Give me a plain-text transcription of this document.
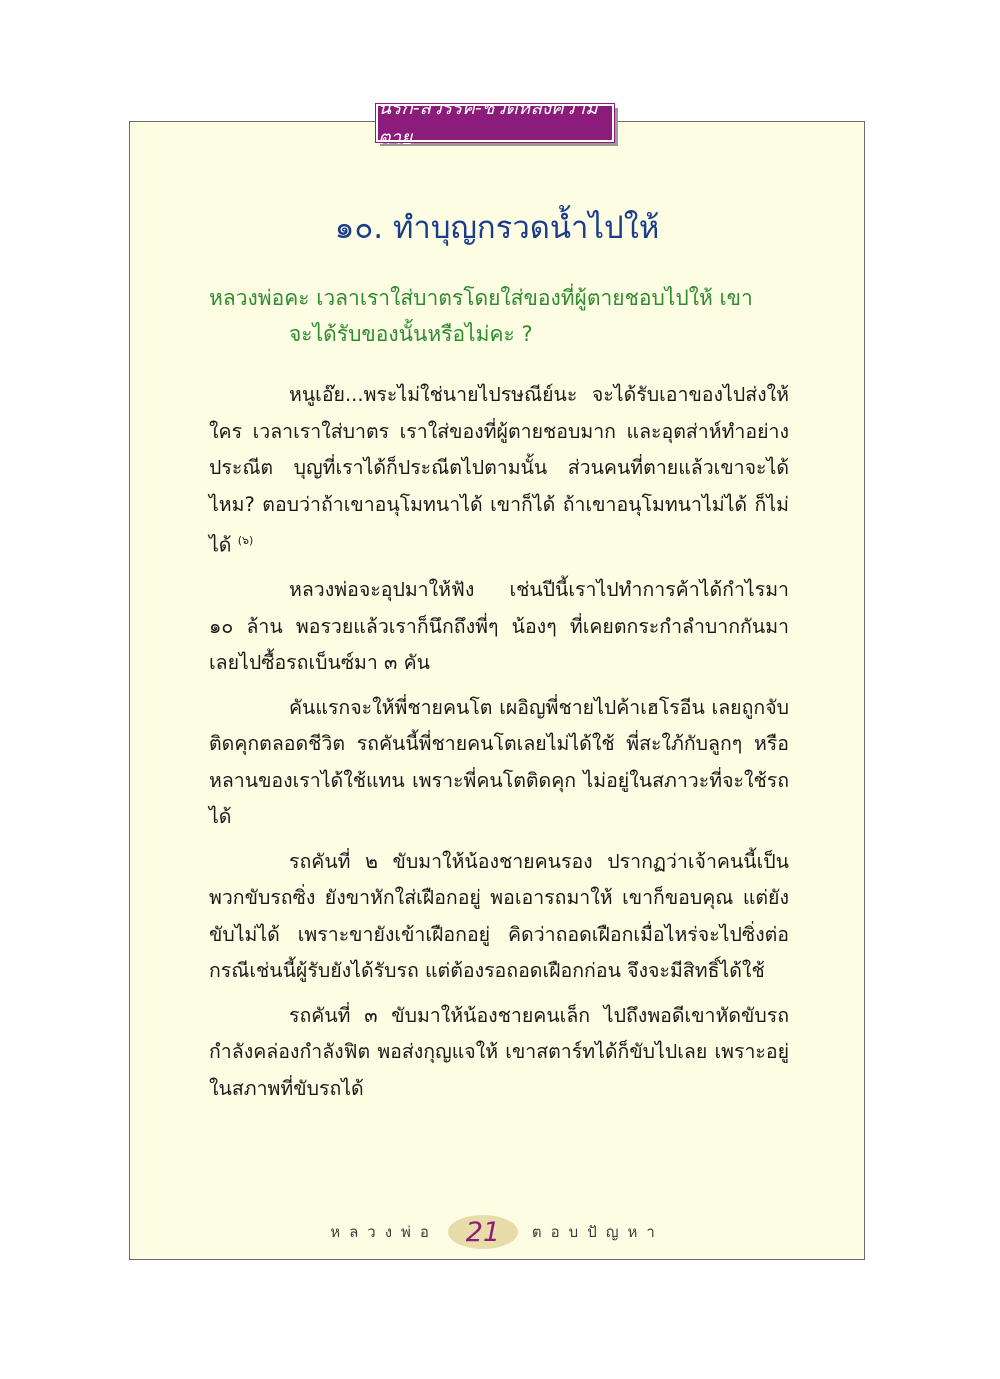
นรก-สวรรค์-ชีวิตหลังความตาย
๑๐. ทำบุญกรวดน้ำไปให้
หลวงพ่อคะ เวลาเราใส่บาตรโดยใส่ของที่ผู้ตายชอบไปให้ เขา
จะได้รับของนั้นหรือไม่คะ ?

หนูเอ๊ย...พระไม่ใช่นายไปรษณีย์นะ จะได้รับเอาของไปส่งให้ใคร เวลาเราใส่บาตร เราใส่ของที่ผู้ตายชอบมาก และอุตส่าห์ทำอย่างประณีต บุญที่เราได้ก็ประณีตไปตามนั้น ส่วนคนที่ตายแล้วเขาจะได้ไหม? ตอบว่าถ้าเขาอนุโมทนาได้ เขาก็ได้ ถ้าเขาอนุโมทนาไม่ได้ ก็ไม่ได้ $^{(๖)}$

หลวงพ่อจะอุปมาให้ฟัง เช่นปีนี้เราไปทำการค้าได้กำไรมา ๑๐ ล้าน พอรวยแล้วเราก็นึกถึงพี่ๆ น้องๆ ที่เคยตกระกำลำบากกันมา เลยไปซื้อรถเบ็นซ์มา ๓ คัน

คันแรกจะให้พี่ชายคนโต เผอิญพี่ชายไปค้าเฮโรอีน เลยถูกจับติดคุกตลอดชีวิต รถคันนี้พี่ชายคนโตเลยไม่ได้ใช้ พี่สะใภ้กับลูกๆ หรือหลานของเราได้ใช้แทน เพราะพี่คนโตติดคุก ไม่อยู่ในสภาวะที่จะใช้รถได้

รถคันที่ ๒ ขับมาให้น้องชายคนรอง ปรากฏว่าเจ้าคนนี้เป็นพวกขับรถซิ่ง ยังขาหักใส่เฝือกอยู่ พอเอารถมาให้ เขาก็ขอบคุณ แต่ยังขับไม่ได้ เพราะขายังเข้าเฝือกอยู่ คิดว่าถอดเฝือกเมื่อไหร่จะไปซิ่งต่อ กรณีเช่นนี้ผู้รับยังได้รับรถ แต่ต้องรอถอดเฝือกก่อน จึงจะมีสิทธิ์ได้ใช้

รถคันที่ ๓ ขับมาให้น้องชายคนเล็ก ไปถึงพอดีเขาหัดขับรถกำลังคล่องกำลังฟิต พอส่งกุญแจให้ เขาสตาร์ทได้ก็ขับไปเลย เพราะอยู่ในสภาพที่ขับรถได้

หลวงพ่อ	21	ตอบปัญหา
